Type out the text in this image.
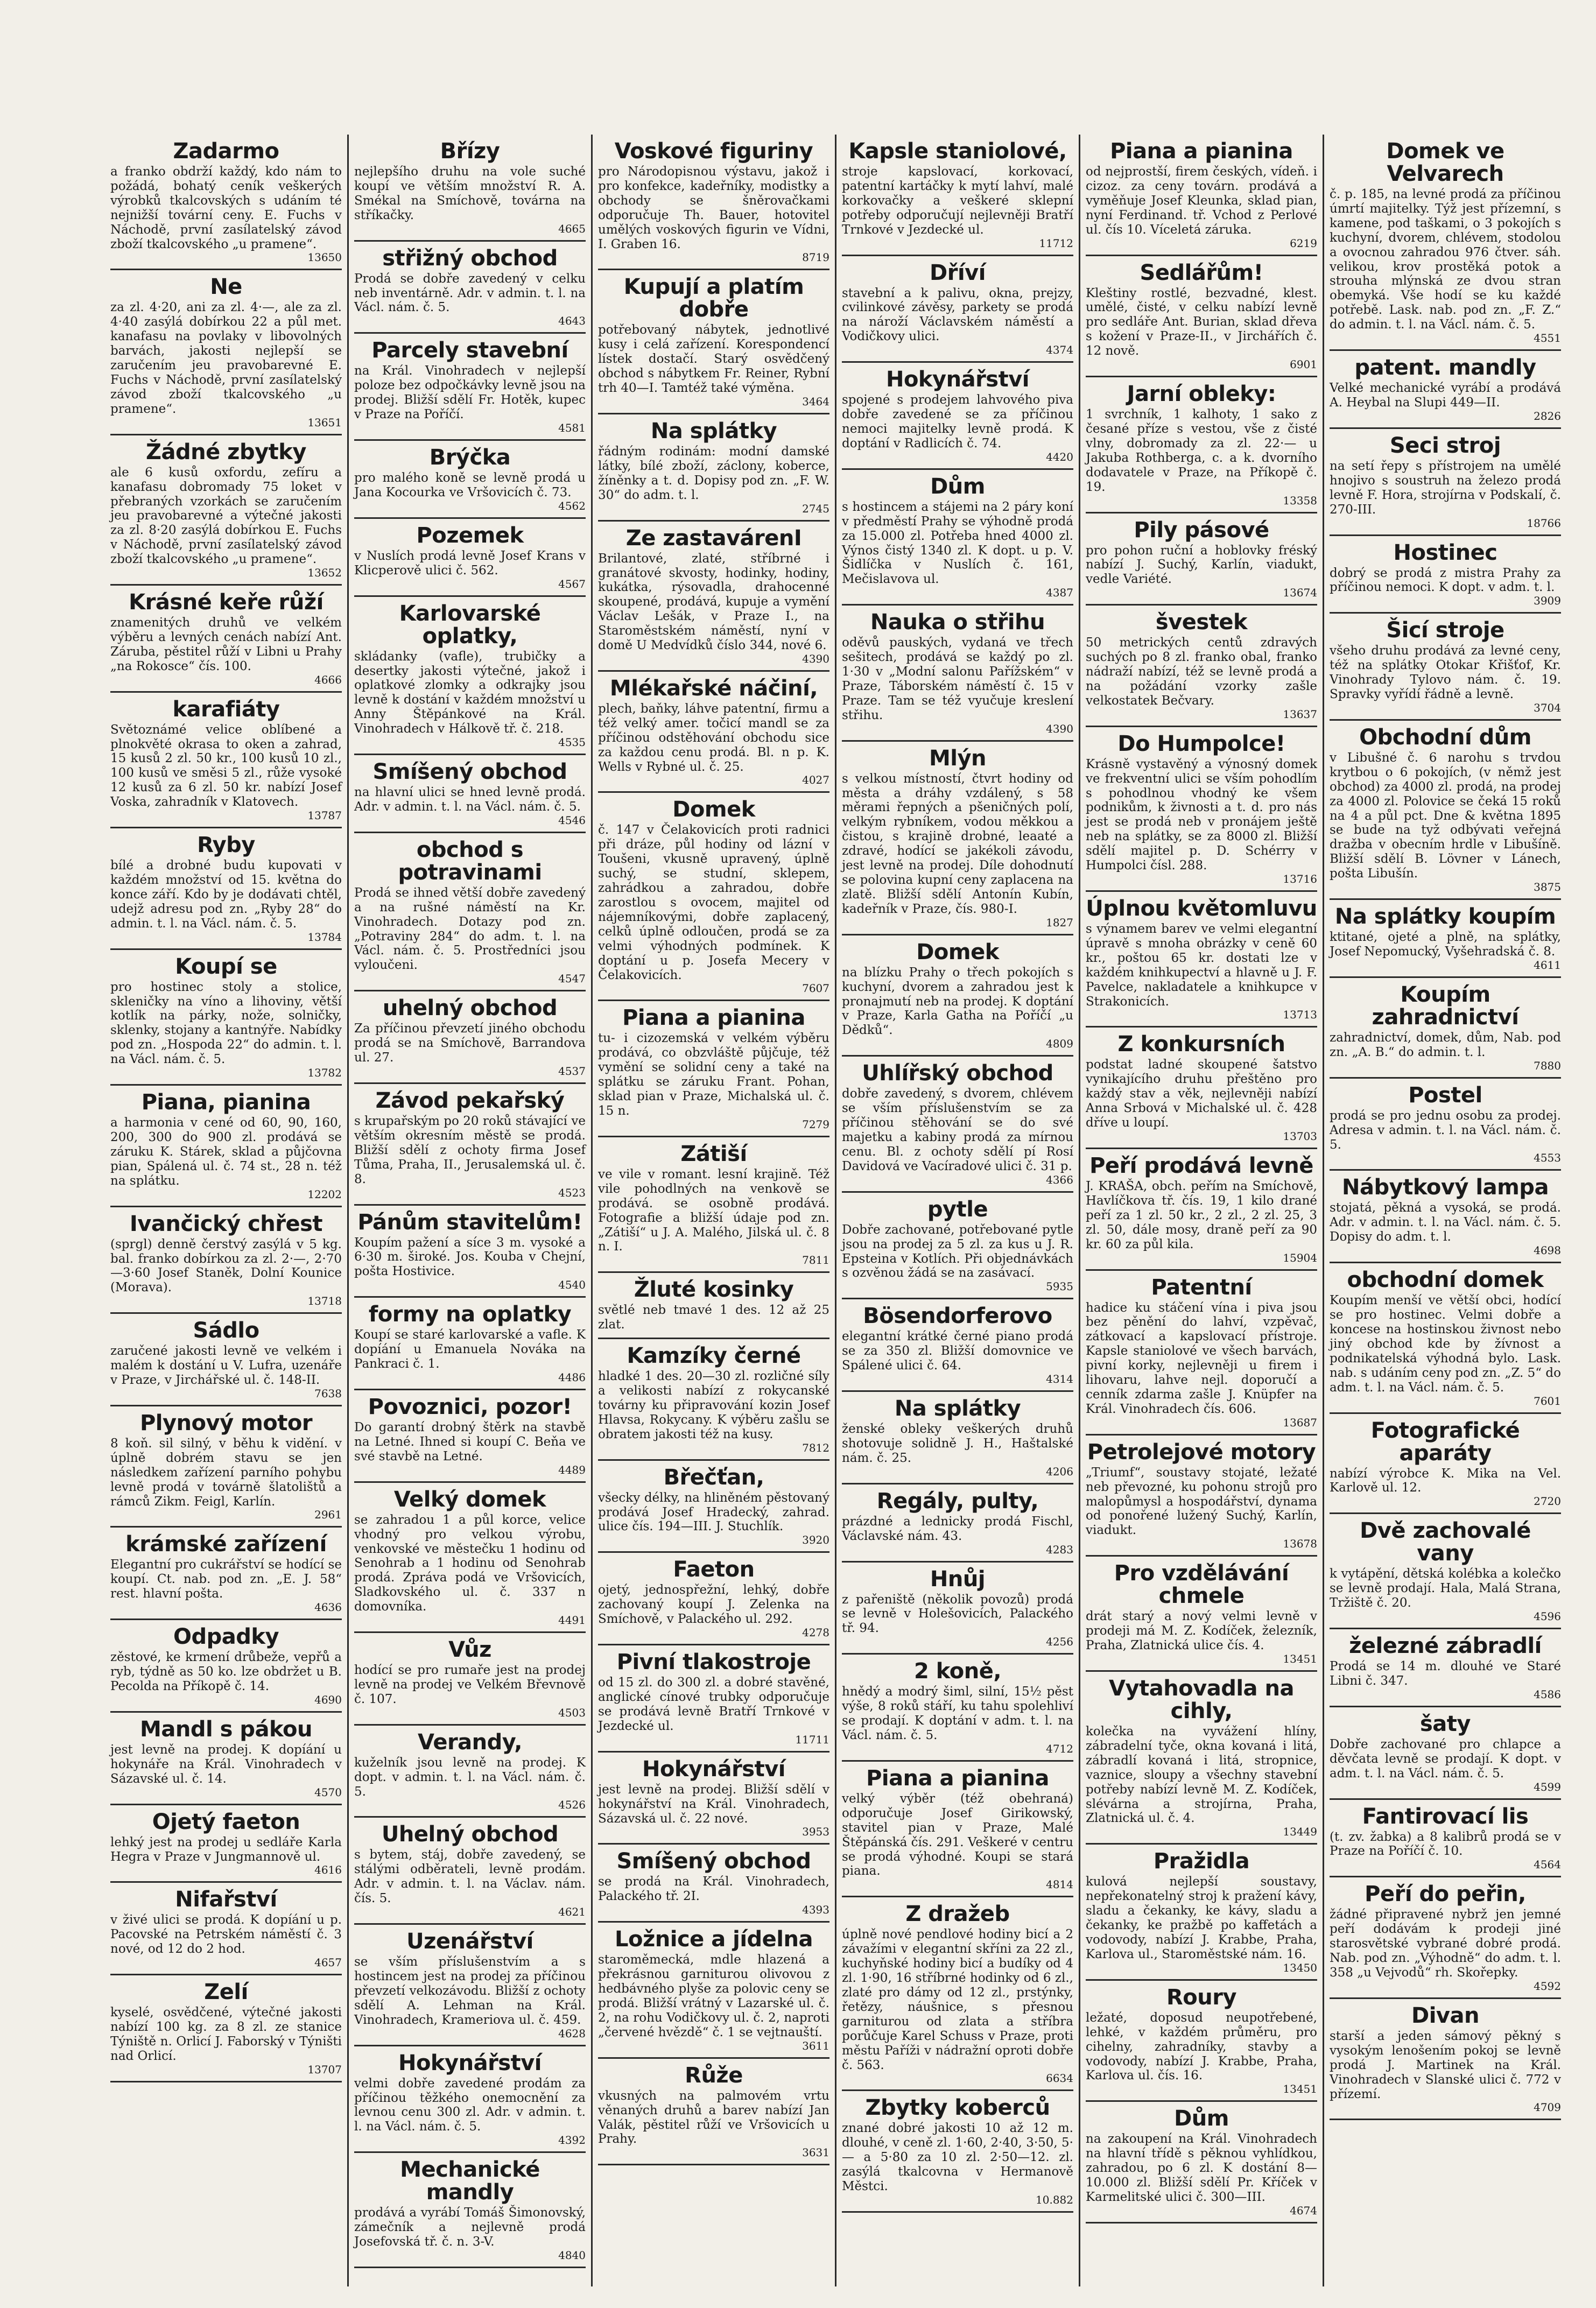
Zadarmo
a franko obdrží každý, kdo nám to požádá, bohatý ceník veškerých výrobků tkalcovských s udáním té nejnižší tovární ceny. E. Fuchs v Náchodě, první zasílatelský závod zboží tkalcovského „u pramene“.
13650
Ne
za zl. 4·20, ani za zl. 4·—, ale za zl. 4·40 zasýlá dobírkou 22 a půl met. kanafasu na povlaky v libovolných barvách, jakosti nejlepší se zaručením jeu pravobarevné E. Fuchs v Náchodě, první zasílatelský závod zboží tkalcovského „u pramene“.
13651
Žádné zbytky
ale 6 kusů oxfordu, zefíru a kanafasu dobromady 75 loket v přebraných vzorkách se zaručením jeu pravobarevné a výtečné jakosti za zl. 8·20 zasýlá dobírkou E. Fuchs v Náchodě, první zasílatelský závod zboží tkalcovského „u pramene“.
13652
Krásné keře růží
znamenitých druhů ve velkém výběru a levných cenách nabízí Ant. Záruba, pěstitel růží v Libni u Prahy „na Rokosce“ čís. 100.
4666
karafiáty
Světoznámé velice oblíbené a plnokvěté okrasa to oken a zahrad, 15 kusů 2 zl. 50 kr., 100 kusů 10 zl., 100 kusů ve směsi 5 zl., růže vysoké 12 kusů za 6 zl. 50 kr. nabízí Josef Voska, zahradník v Klatovech.
13787
Ryby
bílé a drobné budu kupovati v každém množství od 15. května do konce září. Kdo by je dodávati chtěl, udejž adresu pod zn. „Ryby 28“ do admin. t. l. na Václ. nám. č. 5.
13784
Koupí se
pro hostinec stoly a stolice, skleničky na víno a lihoviny, větší kotlík na párky, nože, solničky, sklenky, stojany a kantnýře. Nabídky pod zn. „Hospoda 22“ do admin. t. l. na Václ. nám. č. 5.
13782
Piana, pianina
a harmonia v cené od 60, 90, 160, 200, 300 do 900 zl. prodává se záruku K. Stárek, sklad a půjčovna pian, Spálená ul. č. 74 st., 28 n. též na splátku.
12202
Ivančický chřest
(sprgl) denně čerstvý zasýlá v 5 kg. bal. franko dobírkou za zl. 2·—, 2·70—3·60 Josef Staněk, Dolní Kounice (Morava).
13718
Sádlo
zaručené jakosti levně ve velkém i malém k dostání u V. Lufra, uzenáře v Praze, v Jirchářské ul. č. 148-II.
7638
Plynový motor
8 koň. sil silný, v běhu k vidění. v úplně dobrém stavu se jen následkem zařízení parního pohybu levně prodá v továrně šlatolištů a rámců Zikm. Feigl, Karlín.
2961
krámské zařízení
Elegantní pro cukrářství se hodící se koupí. Ct. nab. pod zn. „E. J. 58“ rest. hlavní pošta.
4636
Odpadky
zěstové, ke krmení drůbeže, vepřů a ryb, týdně as 50 ko. lze obdržet u B. Pecolda na Příkopě č. 14.
4690
Mandl s pákou
jest levně na prodej. K dopíání u hokynáře na Král. Vinohradech v Sázavské ul. č. 14.
4570
Ojetý faeton
lehký jest na prodej u sedláře Karla Hegra v Praze v Jungmannově ul.
4616
Nifařství
v živé ulici se prodá. K dopíání u p. Pacovské na Petrském náměstí č. 3 nové, od 12 do 2 hod.
4657
Zelí
kyselé, osvědčené, výtečné jakosti nabízí 100 kg. za 8 zl. ze stanice Týniště n. Orlicí J. Faborský v Týništi nad Orlicí.
13707
Břízy
nejlepšího druhu na vole suché koupí ve větším množství R. A. Smékal na Smíchově, továrna na stříkačky.
4665
střižný obchod
Prodá se dobře zavedený v celku neb inventárně. Adr. v admin. t. l. na Václ. nám. č. 5.
4643
Parcely stavební
na Král. Vinohradech v nejlepší poloze bez odpočkávky levně jsou na prodej. Bližší sdělí Fr. Hotěk, kupec v Praze na Poříčí.
4581
Brýčka
pro malého koně se levně prodá u Jana Kocourka ve Vršovicích č. 73.
4562
Pozemek
v Nuslích prodá levně Josef Krans v Klicperově ulici č. 562.
4567
Karlovarské oplatky,
skládanky (vafle), trubičky a desertky jakosti výtečné, jakož i oplatkové zlomky a odkrajky jsou levně k dostání v každém množství u Anny Štěpánkové na Král. Vinohradech v Hálkově tř. č. 218.
4535
Smíšený obchod
na hlavní ulici se hned levně prodá. Adr. v admin. t. l. na Václ. nám. č. 5.
4546
obchod s potravinami
Prodá se ihned větší dobře zavedený a na rušné náměstí na Kr. Vinohradech. Dotazy pod zn. „Potraviny 284“ do adm. t. l. na Václ. nám. č. 5. Prostředníci jsou vyloučeni.
4547
uhelný obchod
Za příčinou převzetí jiného obchodu prodá se na Smíchově, Barrandova ul. 27.
4537
Závod pekařský
s krupařským po 20 roků stávající ve větším okresním městě se prodá. Bližší sdělí z ochoty firma Josef Tůma, Praha, II., Jerusalemská ul. č. 8.
4523
Pánům stavitelům!
Koupím pažení a síce 3 m. vysoké a 6·30 m. široké. Jos. Kouba v Chejní, pošta Hostivice.
4540
formy na oplatky
Koupí se staré karlovarské a vafle. K dopíání u Emanuela Nováka na Pankraci č. 1.
4486
Povoznici, pozor!
Do garantí drobný štěrk na stavbě na Letné. Ihned si koupí C. Beňa ve své stavbě na Letné.
4489
Velký domek
se zahradou 1 a půl korce, velice vhodný pro velkou výrobu, venkovské ve městečku 1 hodinu od Senohrab a 1 hodinu od Senohrab prodá. Zpráva podá ve Vršovicích, Sladkovského ul. č. 337 n domovníka.
4491
Vůz
hodící se pro rumaře jest na prodej levně na prodej ve Velkém Břevnově č. 107.
4503
Verandy,
kuželník jsou levně na prodej. K dopt. v admin. t. l. na Václ. nám. č. 5.
4526
Uhelný obchod
s bytem, stáj, dobře zavedený, se stálými odběrateli, levně prodám. Adr. v admin. t. l. na Václav. nám. čís. 5.
4621
Uzenářství
se vším příslušenstvím a s hostincem jest na prodej za příčinou převzetí velkozávodu. Bližší z ochoty sdělí A. Lehman na Král. Vinohradech, Krameriova ul. č. 459.
4628
Hokynářství
velmi dobře zavedené prodám za příčinou těžkého onemocnění za levnou cenu 300 zl. Adr. v admin. t. l. na Václ. nám. č. 5.
4392
Mechanické mandly
prodává a vyrábí Tomáš Šimonovský, zámečník a nejlevně prodá Josefovská tř. č. n. 3-V.
4840
Voskové figuriny
pro Národopisnou výstavu, jakož i pro konfekce, kadeřníky, modistky a obchody se šněrovačkami odporučuje Th. Bauer, hotovitel umělých voskových figurin ve Vídni, I. Graben 16.
8719
Kupují a platím dobře
potřebovaný nábytek, jednotlivé kusy i celá zařízení. Korespondencí lístek dostačí. Starý osvědčený obchod s nábytkem Fr. Reiner, Rybní trh 40—I. Tamtéž také výměna.
3464
Na splátky
řádným rodinám: modní damské látky, bílé zboží, záclony, koberce, žíněnky a t. d. Dopisy pod zn. „F. W. 30“ do adm. t. l.
2745
Ze zastavárenⅠ
Brilantové, zlaté, stříbrné i granátové skvosty, hodinky, hodiny, kukátka, rýsovadla, drahocenné skoupené, prodává, kupuje a vymění Václav Lešák, v Praze I., na Staroměstském náměstí, nyní v domě U Medvídků číslo 344, nové 6.
4390
Mlékařské náčiní,
plech, baňky, láhve patentní, firmu a též velký amer. točicí mandl se za příčinou odstěhování obchodu sice za každou cenu prodá. Bl. n p. K. Wells v Rybné ul. č. 25.
4027
Domek
č. 147 v Čelakovicích proti radnici při dráze, půl hodiny od lázní v Toušeni, vkusně upravený, úplně suchý, se studní, sklepem, zahrádkou a zahradou, dobře zarostlou s ovocem, majitel od nájemníkovými, dobře zaplacený, celků úplně odloučen, prodá se za velmi výhodných podmínek. K doptání u p. Josefa Mecery v Čelakovicích.
7607
Piana a pianina
tu- i cizozemská v velkém výběru prodává, co obzvláště půjčuje, též vymění se solidní ceny a také na splátku se záruku Frant. Pohan, sklad pian v Praze, Michalská ul. č. 15 n.
7279
Zátiší
ve vile v romant. lesní krajině. Též vile pohodlných na venkově se prodává. se osobně prodává. Fotografie a bližší údaje pod zn. „Zátiší“ u J. A. Malého, Jilská ul. č. 8 n. I.
7811
Žluté kosinky
světlé neb tmavé 1 des. 12 až 25 zlat.
Kamzíky černé
hladké 1 des. 20—30 zl. rozličné síly a velikosti nabízí z rokycanské továrny ku připravování kozin Josef Hlavsa, Rokycany. K výběru zašlu se obratem jakosti též na kusy.
7812
Břečťan,
všecky délky, na hliněném pěstovaný prodává Josef Hradecký, zahrad. ulice čís. 194—III. J. Stuchlík.
3920
Faeton
ojetý, jednospřežní, lehký, dobře zachovaný koupí J. Zelenka na Smíchově, v Palackého ul. 292.
4278
Pivní tlakostroje
od 15 zl. do 300 zl. a dobré stavěné, anglické cínové trubky odporučuje se prodává levně Bratří Trnkové v Jezdecké ul.
11711
Hokynářství
jest levně na prodej. Bližší sdělí v hokynářství na Král. Vinohradech, Sázavská ul. č. 22 nové.
3953
Smíšený obchod
se prodá na Král. Vinohradech, Palackého tř. 2I.
4393
Ložnice a jídelna
staroměmecká, mdle hlazená a překrásnou garniturou olivovou z hedbávného plyše za polovic ceny se prodá. Bližší vrátný v Lazarské ul. č. 2, na rohu Vodičkovy ul. č. 2, naproti „červené hvězdě“ č. 1 se vejtnauští.
3611
Růže
vkusných na palmovém vrtu věnaných druhů a barev nabízí Jan Valák, pěstitel růží ve Vršovicích u Prahy.
3631
Kapsle staniolové,
stroje kapslovací, korkovací, patentní kartáčky k mytí lahví, malé korkovačky a veškeré sklepní potřeby odporučují nejlevněji Bratří Trnkové v Jezdecké ul.
11712
Dříví
stavební a k palivu, okna, prejzy, cvilinkové závěsy, parkety se prodá na nároží Václavském náměstí a Vodičkovy ulici.
4374
Hokynářství
spojené s prodejem lahvového piva dobře zavedené se za příčinou nemoci majitelky levně prodá. K doptání v Radlicích č. 74.
4420
Dům
s hostincem a stájemi na 2 páry koní v předměstí Prahy se výhodně prodá za 15.000 zl. Potřeba hned 4000 zl. Výnos čistý 1340 zl. K dopt. u p. V. Šidlíčka v Nuslích č. 161, Mečislavova ul.
4387
Nauka o střihu
oděvů pauských, vydaná ve třech sešitech, prodává se každý po zl. 1·30 v „Modní salonu Pařížském“ v Praze, Táborském náměstí č. 15 v Praze. Tam se též vyučuje kreslení střihu.
4390
Mlýn
s velkou místností, čtvrt hodiny od města a dráhy vzdálený, s 58 měrami řepných a pšeničných polí, velkým rybníkem, vodou měkkou a čistou, s krajině drobné, leaaté a zdravé, hodící se jakékoli závodu, jest levně na prodej. Díle dohodnutí se polovina kupní ceny zaplacena na zlatě. Bližší sdělí Antonín Kubín, kadeřník v Praze, čís. 980-I.
1827
Domek
na blízku Prahy o třech pokojích s kuchyní, dvorem a zahradou jest k pronajmutí neb na prodej. K doptání v Praze, Karla Gatha na Poříčí „u Dědků“.
4809
Uhlířský obchod
dobře zavedený, s dvorem, chlévem se vším příslušenstvím se za příčinou stěhování se do své majetku a kabiny prodá za mírnou cenu. Bl. z ochoty sdělí pí Rosí Davidová ve Vacíradové ulici č. 31 p.
4366
pytle
Dobře zachované, potřebované pytle jsou na prodej za 5 zl. za kus u J. R. Epsteina v Kotlích. Při objednávkách s ozvěnou žádá se na zasávací.
5935
Bösendorferovo
elegantní krátké černé piano prodá se za 350 zl. Bližší domovnice ve Spálené ulici č. 64.
4314
Na splátky
ženské obleky veškerých druhů shotovuje solidně J. H., Haštalské nám. č. 25.
4206
Regály, pulty,
prázdné a lednicky prodá Fischl, Václavské nám. 43.
4283
Hnůj
z pařeniště (několik povozů) prodá se levně v Holešovicích, Palackého tř. 94.
4256
2 koně,
hnědý a modrý šiml, silní, 15½ pěst výše, 8 roků stáří, ku tahu spolehliví se prodají. K doptání v adm. t. l. na Václ. nám. č. 5.
4712
Piana a pianina
velký výběr (též obehraná) odporučuje Josef Girikowský, stavitel pian v Praze, Malé Štěpánská čís. 291. Veškeré v centru se prodá výhodné. Koupi se stará piana.
4814
Z dražeb
úplně nové pendlové hodiny bicí a 2 závažími v elegantní skříni za 22 zl., kuchyňské hodiny bicí a budíky od 4 zl. 1·90, 16 stříbrné hodinky od 6 zl., zlaté pro dámy od 12 zl., prstýnky, řetězy, náušnice, s přesnou garniturou od zlata a stříbra porůčuje Karel Schuss v Praze, proti městu Paříži v nádražní oproti dobře č. 563.
6634
Zbytky koberců
znané dobré jakosti 10 až 12 m. dlouhé, v ceně zl. 1·60, 2·40, 3·50, 5·— a 5·80 za 10 zl. 2·50—12. zl. zasýlá tkalcovna v Hermanově Městci.
10.882
Piana a pianina
od nejprostší, firem českých, vídeň. i cizoz. za ceny továrn. prodává a vyměňuje Josef Kleunka, sklad pian, nyní Ferdinand. tř. Vchod z Perlové ul. čís 10. Víceletá záruka.
6219
Sedlářům!
Kleštiny rostlé, bezvadné, klest. umělé, čisté, v celku nabízí levně pro sedláře Ant. Burian, sklad dřeva s kožení v Praze-II., v Jirchářích č. 12 nově.
6901
Jarní obleky:
1 svrchník, 1 kalhoty, 1 sako z česané příze s vestou, vše z čisté vlny, dobromady za zl. 22·— u Jakuba Rothberga, c. a k. dvorního dodavatele v Praze, na Příkopě č. 19.
13358
Pily pásové
pro pohon ruční a hoblovky fréský nabízí J. Suchý, Karlín, viadukt, vedle Variété.
13674
švestek
50 metrických centů zdravých suchých po 8 zl. franko obal, franko nádraží nabízí, též se levně prodá a na požádání vzorky zašle velkostatek Bečvary.
13637
Do Humpolce!
Krásně vystavěný a výnosný domek ve frekventní ulici se vším pohodlím s pohodlnou vhodný ke všem podnikům, k živnosti a t. d. pro nás jest se prodá neb v pronájem ještě neb na splátky, se za 8000 zl. Bližší sdělí majitel p. D. Schérry v Humpolci čísl. 288.
13716
Úplnou květomluvu
s výnamem barev ve velmi elegantní úpravě s mnoha obrázky v ceně 60 kr., poštou 65 kr. dostati lze v každém knihkupectví a hlavně u J. F. Pavelce, nakladatele a knihkupce v Strakonicích.
13713
Z konkursních
podstat ladné skoupené šatstvo vynikajícího druhu přeštěno pro každý stav a věk, nejlevněji nabízí Anna Srbová v Michalské ul. č. 428 dříve u loupí.
13703
Peří prodává levně
J. KRAŠA, obch. peřím na Smíchově, Havlíčkova tř. čís. 19, 1 kilo drané peří za 1 zl. 50 kr., 2 zl., 2 zl. 25, 3 zl. 50, dále mosy, draně peří za 90 kr. 60 za půl kila.
15904
Patentní
hadice ku stáčení vína i piva jsou bez pěnění do lahví, vzpěvač, zátkovací a kapslovací přístroje. Kapsle staniolové ve všech barvách, pivní korky, nejlevněji u firem i lihovaru, lahve nejl. doporučí a cenník zdarma zašle J. Knüpfer na Král. Vinohradech čís. 606.
13687
Petrolejové motory
„Triumf“, soustavy stojaté, ležaté neb převozné, ku pohonu strojů pro malopůmysl a hospodářství, dynama od ponořené lužený Suchý, Karlín, viadukt.
13678
Pro vzdělávání chmele
drát starý a nový velmi levně v prodeji má M. Z. Kodíček, železník, Praha, Zlatnická ulice čís. 4.
13451
Vytahovadla na cihly,
kolečka na vyvážení hlíny, zábradelní tyče, okna kovaná i litá, zábradlí kovaná i litá, stropnice, vaznice, sloupy a všechny stavební potřeby nabízí levně M. Z. Kodíček, slévárna a strojírna, Praha, Zlatnická ul. č. 4.
13449
Pražidla
kulová nejlepší soustavy, nepřekonatelný stroj k pražení kávy, sladu a čekanky, ke kávy, sladu a čekanky, ke pražbě po kaffetách a vodovody, nabízí J. Krabbe, Praha, Karlova ul., Staroměstské nám. 16.
13450
Roury
ležaté, doposud neupotřebené, lehké, v každém průměru, pro cihelny, zahradníky, stavby a vodovody, nabízí J. Krabbe, Praha, Karlova ul. čís. 16.
13451
Dům
na zakoupení na Král. Vinohradech na hlavní třídě s pěknou vyhlídkou, zahradou, po 6 zl. K dostání 8—10.000 zl. Bližší sdělí Pr. Kříček v Karmelitské ulici č. 300—III.
4674
Domek ve Velvarech
č. p. 185, na levné prodá za příčinou úmrtí majitelky. Týž jest přízemní, s kamene, pod taškami, o 3 pokojích s kuchyní, dvorem, chlévem, stodolou a ovocnou zahradou 976 čtver. sáh. velikou, krov prostěká potok a strouha mlýnská ze dvou stran obemyká. Vše hodí se ku každé potřebě. Lask. nab. pod zn. „F. Z.“ do admin. t. l. na Václ. nám. č. 5.
4551
patent. mandly
Velké mechanické vyrábí a prodává A. Heybal na Slupi 449—II.
2826
Seci stroj
na setí řepy s přístrojem na umělé hnojivo s soustruh na železo prodá levně F. Hora, strojírna v Podskalí, č. 270-III.
18766
Hostinec
dobrý se prodá z mistra Prahy za příčinou nemoci. K dopt. v adm. t. l.
3909
Šicí stroje
všeho druhu prodává za levné ceny, též na splátky Otokar Křišťof, Kr. Vinohrady Tylovo nám. č. 19. Spravky vyřídí řádně a levně.
3704
Obchodní dům
v Libušné č. 6 narohu s trvdou krytbou o 6 pokojích, (v němž jest obchod) za 4000 zl. prodá, na prodej za 4000 zl. Polovice se čeká 15 roků na 4 a půl pct. Dne & května 1895 se bude na tyž odbývati veřejná dražba v obecním hrdle v Libušíně. Bližší sdělí B. Lövner v Lánech, pošta Libušín.
3875
Na splátky koupím
ktitané, ojeté a plně, na splátky, Josef Nepomucký, Vyšehradská č. 8.
4611
Koupím zahradnictví
zahradnictví, domek, dům, Nab. pod zn. „A. B.“ do admin. t. l.
7880
Postel
prodá se pro jednu osobu za prodej. Adresa v admin. t. l. na Václ. nám. č. 5.
4553
Nábytkový lampa
stojatá, pěkná a vysoká, se prodá. Adr. v admin. t. l. na Václ. nám. č. 5. Dopisy do adm. t. l.
4698
obchodní domek
Koupím menší ve větší obci, hodící se pro hostinec. Velmi dobře a koncese na hostinskou živnost nebo jiný obchod kde by žívnost a podnikatelská výhodná bylo. Lask. nab. s udáním ceny pod zn. „Z. 5“ do adm. t. l. na Václ. nám. č. 5.
7601
Fotografické aparáty
nabízí výrobce K. Mika na Vel. Karlově ul. 12.
2720
Dvě zachovalé vany
k vytápění, dětská kolébka a kolečko se levně prodají. Hala, Malá Strana, Tržiště č. 20.
4596
železné zábradlí
Prodá se 14 m. dlouhé ve Staré Libni č. 347.
4586
šaty
Dobře zachované pro chlapce a děvčata levně se prodají. K dopt. v adm. t. l. na Václ. nám. č. 5.
4599
Fantirovací lis
(t. zv. žabka) a 8 kalibrů prodá se v Praze na Poříčí č. 10.
4564
Peří do peřin,
žádné připravené nybrž jen jemné peří dodávám k prodeji jiné starosvětské vybrané dobré prodá. Nab. pod zn. „Výhodně“ do adm. t. l. 358 „u Vejvodů“ rh. Skořepky.
4592
Divan
starší a jeden sámový pěkný s vysokým lenošením pokoj se levně prodá J. Martinek na Král. Vinohradech v Slanské ulici č. 772 v přízemí.
4709
